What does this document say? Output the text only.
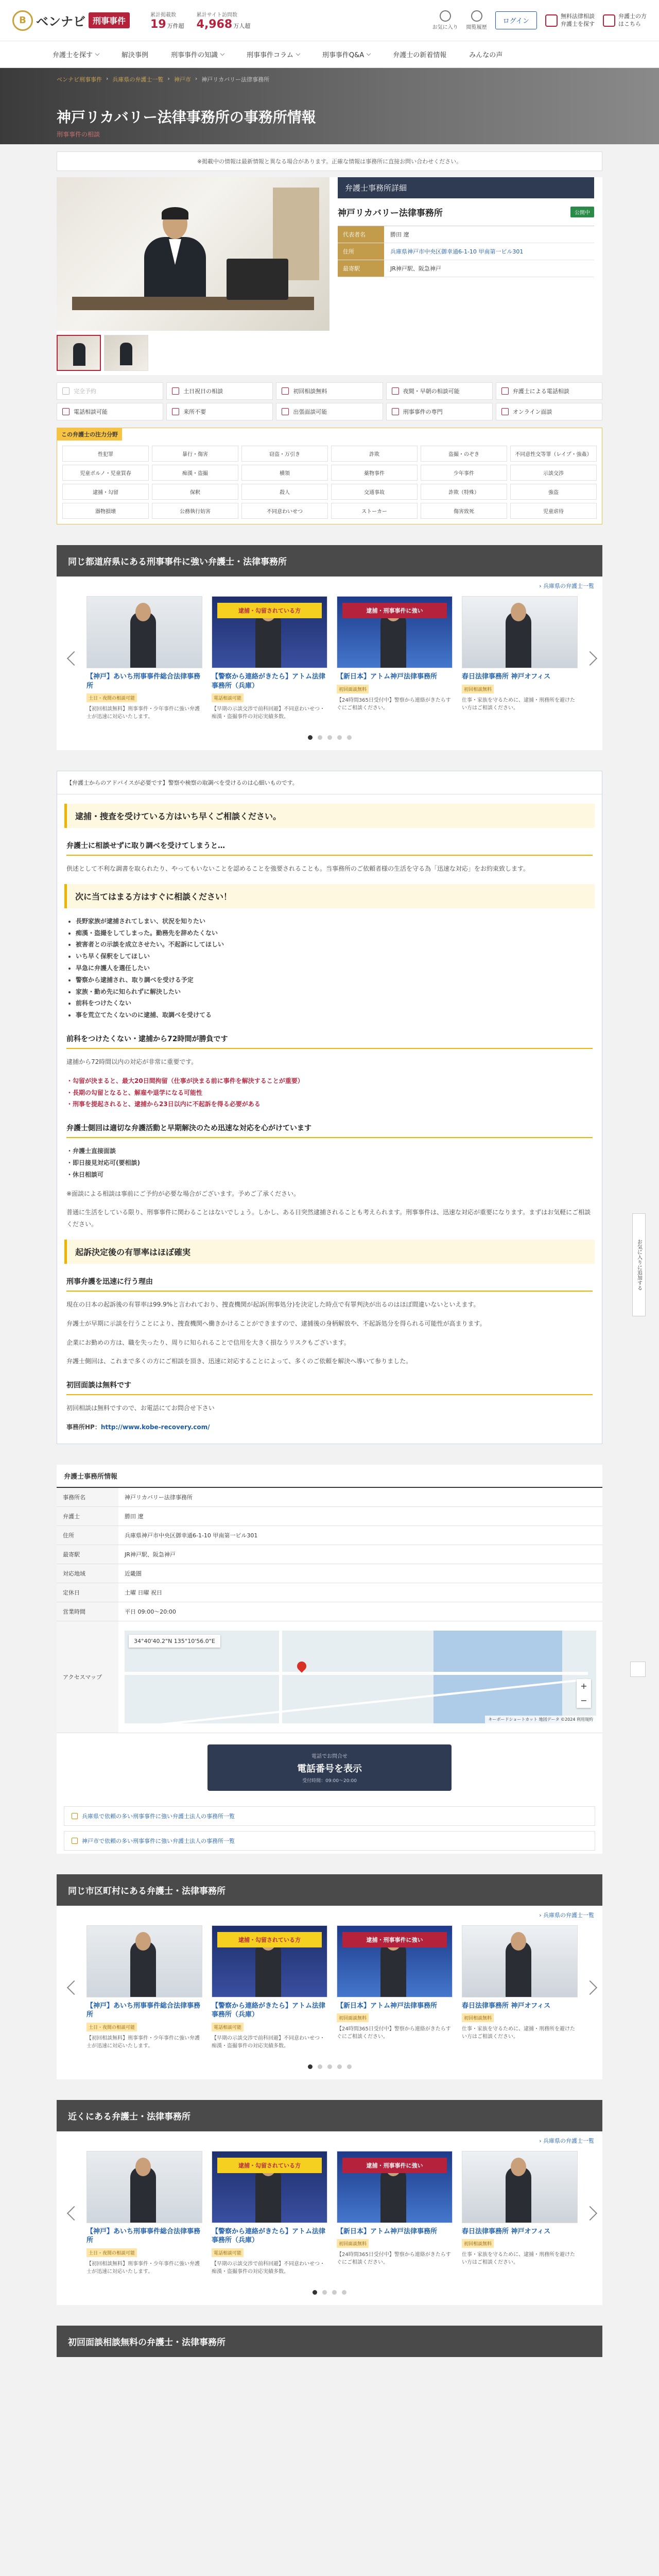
B ベンナビ 刑事事件
累計掲載数
19 万件超
累計サイト訪問数
4,968 万人超	お気に入り 閲覧履歴
ログイン
無料法律相談
弁護士を探す
弁護士の方
はこちら
弁護士を探す	解決事例	刑事事件の知識	刑事事件コラム	刑事事件Q&A	弁護士の新着情報	みんなの声
ベンナビ刑事事件 › 兵庫県の弁護士一覧 › 神戸市 › 神戸リカバリー法律事務所
神戸リカバリー法律事務所の事務所情報
刑事事件の相談
※掲載中の情報は最新情報と異なる場合があります。正確な情報は事務所に直接お問い合わせください。
弁護士事務所詳細
神戸リカバリー法律事務所	公開中
代表者名	勝田 遼
住所	兵庫県神戸市中央区御幸通6-1-10 甲南第一ビル301
最寄駅	JR神戸駅、阪急神戸
完全予約	土日祝日の相談	初回相談無料	夜間・早朝の相談可能	弁護士による電話相談
電話相談可能	来所不要	出張面談可能	刑事事件の専門	オンライン面談
この弁護士の注力分野
性犯罪	暴行・傷害	窃盗・万引き	詐欺	盗撮・のぞき	不同意性交等罪（レイプ・強姦）
児童ポルノ・児童買春	痴漢・盗撮	横領	薬物事件	少年事件	示談交渉
逮捕・勾留	保釈	殺人	交通事故	詐欺（特殊）	強盗
器物損壊	公務執行妨害	不同意わいせつ	ストーカー	傷害致死	児童虐待
同じ都道府県にある刑事事件に強い弁護士・法律事務所
› 兵庫県の弁護士一覧
【神戸】あいち刑事事件総合法律事務所
土日・夜間の相談可能
【初回相談無料】刑事事件・少年事件に強い弁護士が迅速に対応いたします。
逮捕・勾留されている方
【警察から連絡がきたら】アトム法律事務所（兵庫）
電話相談可能
【早期の示談交渉で前科回避】不同意わいせつ・痴漢・盗撮事件の対応実績多数。
逮捕・刑事事件に強い
【新日本】アトム神戸法律事務所
初回面談無料
【24時間365日受付中】警察から連絡がきたらすぐにご相談ください。
春日法律事務所 神戸オフィス
初回相談無料
仕事・家族を守るために、逮捕・刑務所を避けたい方はご相談ください。
【弁護士からのアドバイスが必要です】警察や検察の取調べを受けるのは心細いものです。
逮捕・捜査を受けている方はいち早くご相談ください。
弁護士に相談せずに取り調べを受けてしまうと…

供述として不利な調書を取られたり、やってもいないことを認めることを強要されることも。当事務所のご依頼者様の生活を守る為「迅速な対応」をお約束致します。

次に当てはまる方はすぐに相談ください！
• 長野家族が逮捕されてしまい、状況を知りたい
• 痴漢・盗撮をしてしまった。勤務先を辞めたくない
• 被害者との示談を成立させたい。不起訴にしてほしい
• いち早く保釈をしてほしい
• 早急に弁護人を選任したい
• 警察から逮捕され、取り調べを受ける予定
• 家族・勤め先に知られずに解決したい
• 前科をつけたくない
• 事を荒立てたくないのに逮捕、取調べを受けてる
前科をつけたくない・逮捕から72時間が勝負です

逮捕から72時間以内の対応が非常に重要です。

・勾留が決まると、最大20日間拘留（仕事が決まる前に事件を解決することが重要）
・長期の勾留となると、解雇や退学になる可能性
・刑事を提起されると、逮捕から23日以内に不起訴を得る必要がある
弁護士側回は適切な弁護活動と早期解決のため迅速な対応を心がけています
・弁護士直接面談
・即日接見対応可(要相談)
・休日相談可

※面談による相談は事前にご予約が必要な場合がございます。予めご了承ください。

普通に生活をしている限り、刑事事件に関わることはないでしょう。しかし、ある日突然逮捕されることも考えられます。刑事事件は、迅速な対応が重要になります。まずはお気軽にご相談ください。

起訴決定後の有罪率はほぼ確実
刑事弁護を迅速に行う理由

現在の日本の起訴後の有罪率は99.9%と言われており、捜査機関が起訴(刑事処分)を決定した時点で有罪判決が出るのはほぼ間違いないといえます。

弁護士が早期に示談を行うことにより、捜査機関へ働きかけることができますので、逮捕後の身柄解放や、不起訴処分を得られる可能性が高まります。

企業にお勤めの方は、職を失ったり、周りに知られることで信用を大きく損なうリスクもございます。

弁護士側回は、これまで多くの方にご相談を頂き、迅速に対応することによって、多くのご依頼を解決へ導いて参りました。

初回面談は無料です

初回相談は無料ですので、お電話にてお問合せ下さい

事務所HP：http://www.kobe-recovery.com/

弁護士事務所情報
事務所名	神戸リカバリー法律事務所
弁護士	勝田 遼
住所	兵庫県神戸市中央区御幸通6-1-10 甲南第一ビル301
最寄駅	JR神戸駅、阪急神戸
対応地域	近畿圏
定休日	土曜 日曜 祝日
営業時間	平日 09:00〜20:00
アクセスマップ
34°40'40.2"N 135°10'56.0"E
+
−
キーボードショートカット 地図データ ©2024 利用規約
電話でお問合せ
電話番号を表示
受付時間：09:00〜20:00
兵庫県で依頼の多い刑事事件に強い弁護士法人の事務所一覧
神戸市で依頼の多い刑事事件に強い弁護士法人の事務所一覧
同じ市区町村にある弁護士・法律事務所
› 兵庫県の弁護士一覧
【神戸】あいち刑事事件総合法律事務所
土日・夜間の相談可能
【初回相談無料】刑事事件・少年事件に強い弁護士が迅速に対応いたします。
逮捕・勾留されている方
【警察から連絡がきたら】アトム法律事務所（兵庫）
電話相談可能
【早期の示談交渉で前科回避】不同意わいせつ・痴漢・盗撮事件の対応実績多数。
逮捕・刑事事件に強い
【新日本】アトム神戸法律事務所
初回面談無料
【24時間365日受付中】警察から連絡がきたらすぐにご相談ください。
春日法律事務所 神戸オフィス
初回相談無料
仕事・家族を守るために、逮捕・刑務所を避けたい方はご相談ください。
近くにある弁護士・法律事務所
› 兵庫県の弁護士一覧
【神戸】あいち刑事事件総合法律事務所
土日・夜間の相談可能
【初回相談無料】刑事事件・少年事件に強い弁護士が迅速に対応いたします。
逮捕・勾留されている方
【警察から連絡がきたら】アトム法律事務所（兵庫）
電話相談可能
【早期の示談交渉で前科回避】不同意わいせつ・痴漢・盗撮事件の対応実績多数。
逮捕・刑事事件に強い
【新日本】アトム神戸法律事務所
初回面談無料
【24時間365日受付中】警察から連絡がきたらすぐにご相談ください。
春日法律事務所 神戸オフィス
初回相談無料
仕事・家族を守るために、逮捕・刑務所を避けたい方はご相談ください。
初回面談相談無料の弁護士・法律事務所
お気に入りに追加する
